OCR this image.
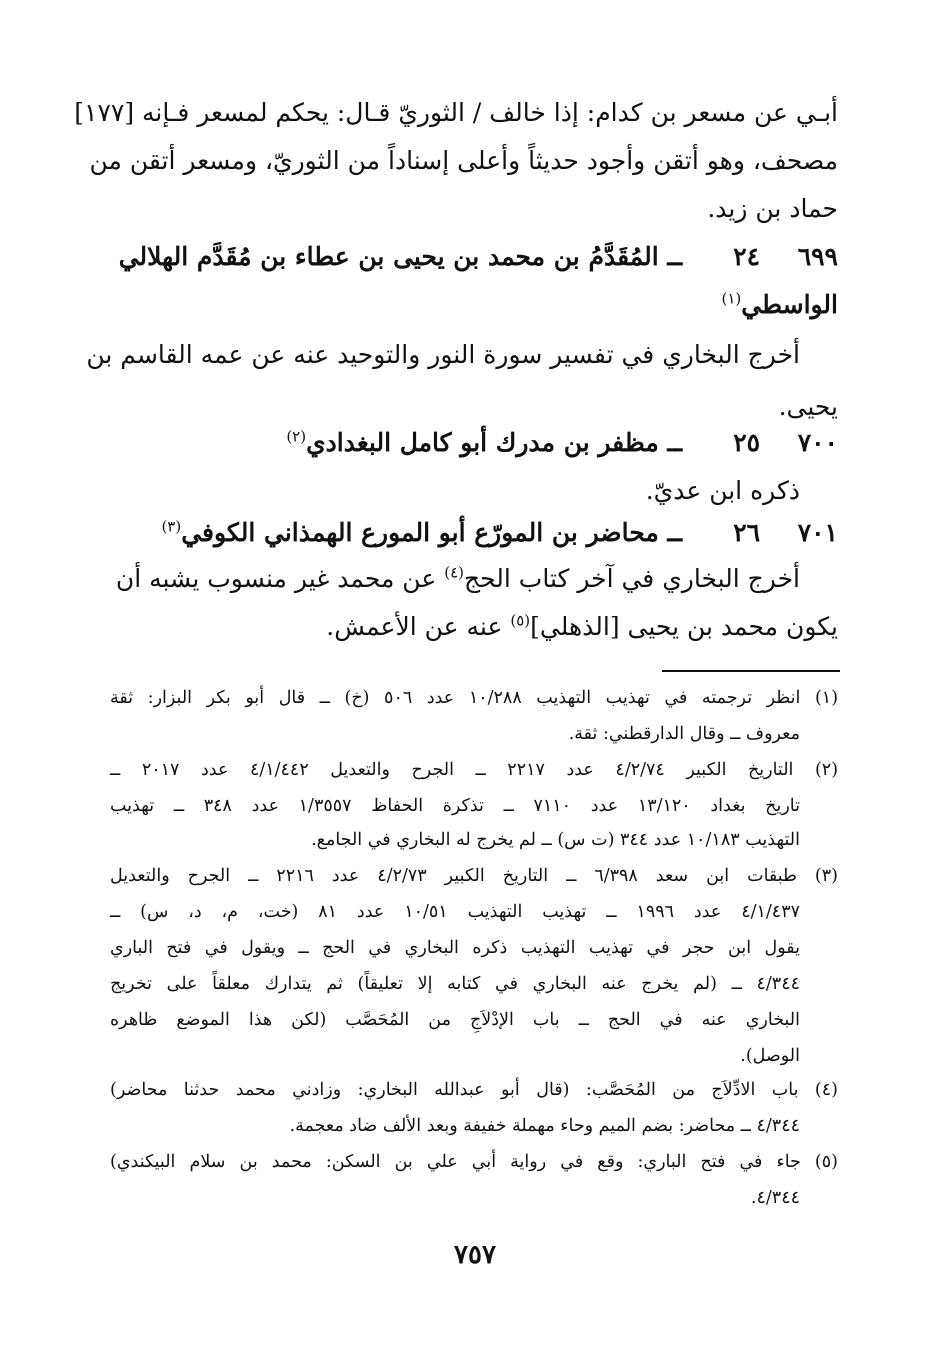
أبـي عن مسعر بن كدام: إذا خالف / الثوريّ قـال: يحكم لمسعر فـإنه [١٧٧]
مصحف، وهو أتقن وأجود حديثاً وأعلى إسناداً من الثوريّ، ومسعر أتقن من
حماد بن زيد.
٦٩٩ ٢٤ ــ المُقَدَّمُ بن محمد بن يحيى بن عطاء بن مُقَدَّم الهلالي
الواسطي$^{(١)}$
أخرج البخاري في تفسير سورة النور والتوحيد عنه عن عمه القاسم بن
يحيى.
٧٠٠ ٢٥ ــ مظفر بن مدرك أبو كامل البغدادي$^{(٢)}$
ذكره ابن عديّ.
٧٠١ ٢٦ ــ محاضر بن المورّع أبو المورع الهمذاني الكوفي$^{(٣)}$
أخرج البخاري في آخر كتاب الحج$^{(٤)}$ عن محمد غير منسوب يشبه أن
يكون محمد بن يحيى [الذهلي]$^{(٥)}$ عنه عن الأعمش.
(١) انظر ترجمته في تهذيب التهذيب ١٠/٢٨٨ عدد ٥٠٦ (خ) ــ قال أبو بكر البزار: ثقة
معروف ــ وقال الدارقطني: ثقة.
(٢) التاريخ الكبير ٤/٢/٧٤ عدد ٢٢١٧ ــ الجرح والتعديل ٤/١/٤٤٢ عدد ٢٠١٧ ــ
تاريخ بغداد ١٣/١٢٠ عدد ٧١١٠ ــ تذكرة الحفاظ ١/٣٥٥٧ عدد ٣٤٨ ــ تهذيب
التهذيب ١٠/١٨٣ عدد ٣٤٤ (ت س) ــ لم يخرج له البخاري في الجامع.
(٣) طبقات ابن سعد ٦/٣٩٨ ــ التاريخ الكبير ٤/٢/٧٣ عدد ٢٢١٦ ــ الجرح والتعديل
٤/١/٤٣٧ عدد ١٩٩٦ ــ تهذيب التهذيب ١٠/٥١ عدد ٨١ (خت، م، د، س) ــ
يقول ابن حجر في تهذيب التهذيب ذكره البخاري في الحج ــ ويقول في فتح الباري
٤/٣٤٤ ــ (لم يخرج عنه البخاري في كتابه إلا تعليقاً) ثم يتدارك معلقاً على تخريج
البخاري عنه في الحج ــ باب الإدْلاَجِ من المُحَصَّب (لكن هذا الموضع ظاهره
الوصل).
(٤) باب الادِّلاَج من المُحَصَّب: (قال أبو عبدالله البخاري: وزادني محمد حدثنا محاضر)
٤/٣٤٤ ــ محاضر: بضم الميم وحاء مهملة خفيفة وبعد الألف ضاد معجمة.
(٥) جاء في فتح الباري: وقع في رواية أبي علي بن السكن: محمد بن سلام البيكندي)
٤/٣٤٤.
٧٥٧
